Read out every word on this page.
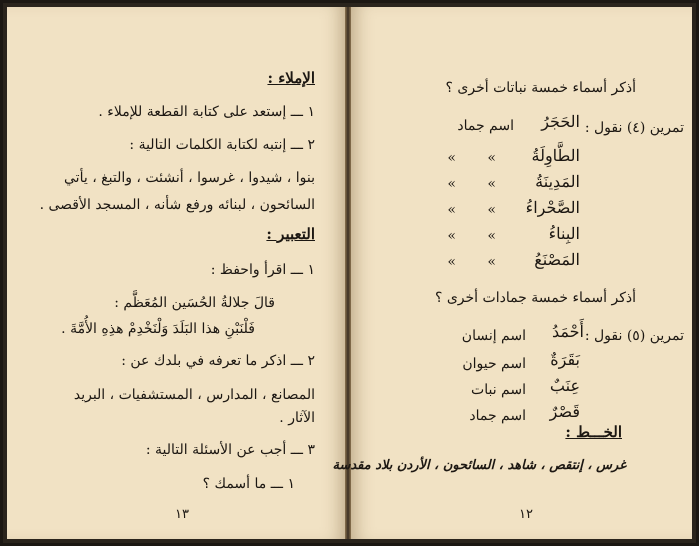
الإملاء :
١ ـــ إستعد على كتابة القطعة للإملاء .
٢ ـــ إنتبه لكتابة الكلمات التالية :
بنوا ، شيدوا ، غرسوا ، أنشئت ، والتبغ ، يأتي
السائحون ، لبنائه ورفع شأنه ، المسجد الأقصى .
التعبير :
١ ـــ اقرأ واحفظ :
قالَ جلالةُ الحُسَين المُعَظَّم :
فَلْنَبْنِ هذا البَلَدَ وَلْنَخْدِمْ هذِهِ الأُمَّةَ .
٢ ـــ اذكر ما تعرفه في بلدك عن :
المصانع ، المدارس ، المستشفيات ، البريد
الآثار .
٣ ـــ أجب عن الأسئلة التالية :
١ ـــ ما أسمك ؟
١٣
أذكر أسماء خمسة نباتات أخرى ؟
تمرين (٤) نقول :
الحَجَرُ
اسم جماد
الطَّاوِلَةُ
»
»
المَدِينَةُ
»
»
الصَّحْراءُ
»
»
البِناءُ
»
»
المَصْنَعُ
»
»
أذكر أسماء خمسة جمادات أخرى ؟
تمرين (٥) نقول :
أَحْمَدُ
اسم إنسان
بَقَرَةٌ
اسم حيوان
عِنَبٌ
اسم نبات
قَصْرٌ
اسم جماد
الخـــط :
غرس ، إنتقص ، شاهد ، السائحون ، الأردن بلاد مقدسة
١٢
